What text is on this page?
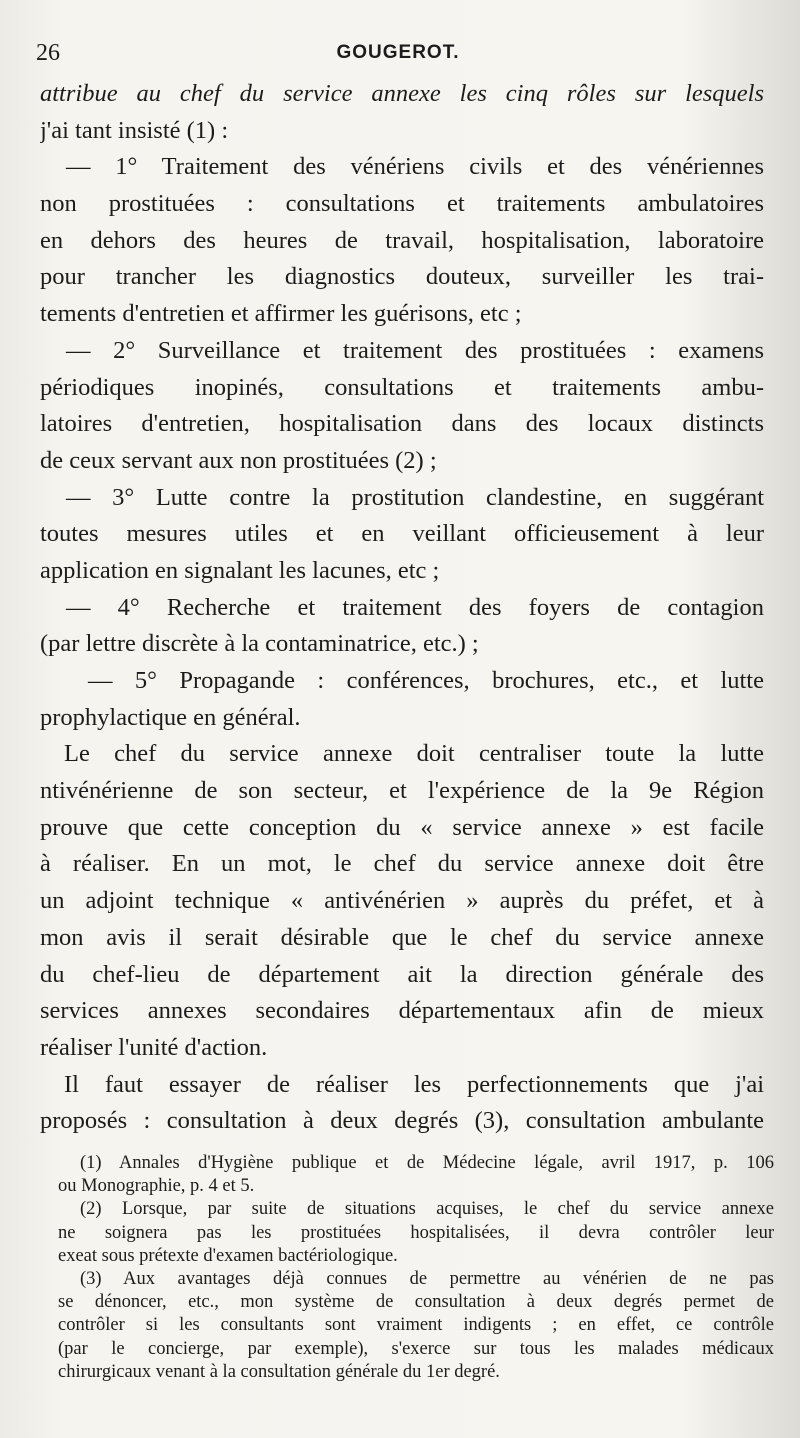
26	GOUGEROT.
attribue au chef du service annexe les cinq rôles sur lesquels
j'ai tant insisté (1) :
— 1° Traitement des vénériens civils et des vénériennes
non prostituées : consultations et traitements ambulatoires
en dehors des heures de travail, hospitalisation, laboratoire
pour trancher les diagnostics douteux, surveiller les trai-
tements d'entretien et affirmer les guérisons, etc ;
— 2° Surveillance et traitement des prostituées : examens
périodiques inopinés, consultations et traitements ambu-
latoires d'entretien, hospitalisation dans des locaux distincts
de ceux servant aux non prostituées (2) ;
— 3° Lutte contre la prostitution clandestine, en suggérant
toutes mesures utiles et en veillant officieusement à leur
application en signalant les lacunes, etc ;
— 4° Recherche et traitement des foyers de contagion
(par lettre discrète à la contaminatrice, etc.) ;
— 5° Propagande : conférences, brochures, etc., et lutte
prophylactique en général.
Le chef du service annexe doit centraliser toute la lutte
ntivénérienne de son secteur, et l'expérience de la 9e Région
prouve que cette conception du « service annexe » est facile
à réaliser. En un mot, le chef du service annexe doit être
un adjoint technique « antivénérien » auprès du préfet, et à
mon avis il serait désirable que le chef du service annexe
du chef-lieu de département ait la direction générale des
services annexes secondaires départementaux afin de mieux
réaliser l'unité d'action.
Il faut essayer de réaliser les perfectionnements que j'ai
proposés : consultation à deux degrés (3), consultation ambulante
(1) Annales d'Hygiène publique et de Médecine légale, avril 1917, p. 106
ou Monographie, p. 4 et 5.
(2) Lorsque, par suite de situations acquises, le chef du service annexe
ne soignera pas les prostituées hospitalisées, il devra contrôler leur
exeat sous prétexte d'examen bactériologique.
(3) Aux avantages déjà connues de permettre au vénérien de ne pas
se dénoncer, etc., mon système de consultation à deux degrés permet de
contrôler si les consultants sont vraiment indigents ; en effet, ce contrôle
(par le concierge, par exemple), s'exerce sur tous les malades médicaux
chirurgicaux venant à la consultation générale du 1er degré.
